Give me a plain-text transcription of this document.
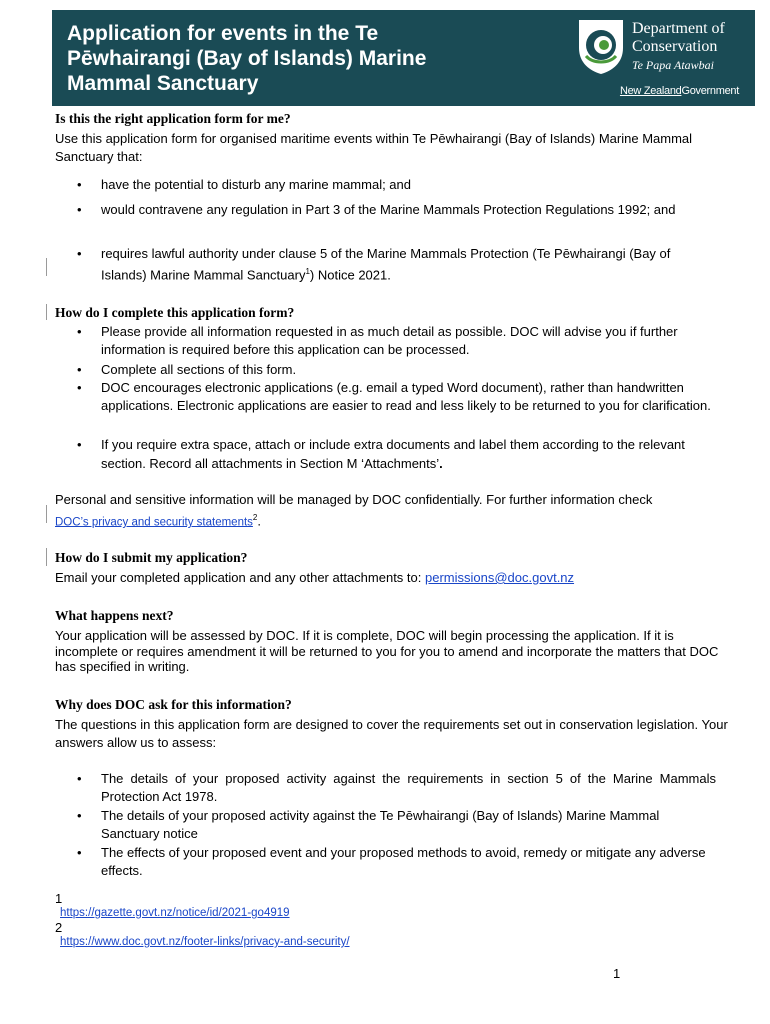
Application for events in the Te Pēwhairangi (Bay of Islands) Marine Mammal Sanctuary
Department of
Conservation
Te Papa Atawbai
New ZealandGovernment
Is this the right application form for me?
Use this application form for organised maritime events within Te Pēwhairangi (Bay of Islands) Marine Mammal Sanctuary that:
• have the potential to disturb any marine mammal; and
• would contravene any regulation in Part 3 of the Marine Mammals Protection Regulations 1992; and
• requires lawful authority under clause 5 of the Marine Mammals Protection (Te Pēwhairangi (Bay of Islands) Marine Mammal Sanctuary$^1$) Notice 2021.
How do I complete this application form?
• Please provide all information requested in as much detail as possible. DOC will advise you if further information is required before this application can be processed.
• Complete all sections of this form.
• DOC encourages electronic applications (e.g. email a typed Word document), rather than handwritten applications. Electronic applications are easier to read and less likely to be returned to you for clarification.
• If you require extra space, attach or include extra documents and label them according to the relevant section. Record all attachments in Section M ‘Attachments’.
Personal and sensitive information will be managed by DOC confidentially. For further information check
DOC’s privacy and security statements$^2$.
How do I submit my application?
Email your completed application and any other attachments to: permissions@doc.govt.nz
What happens next?
Your application will be assessed by DOC. If it is complete, DOC will begin processing the application. If it is incomplete or requires amendment it will be returned to you for you to amend and incorporate the matters that DOC has specified in writing.
Why does DOC ask for this information?
The questions in this application form are designed to cover the requirements set out in conservation legislation. Your answers allow us to assess:
• The details of your proposed activity against the requirements in section 5 of the Marine Mammals Protection Act 1978.
• The details of your proposed activity against the Te Pēwhairangi (Bay of Islands) Marine Mammal Sanctuary notice
• The effects of your proposed event and your proposed methods to avoid, remedy or mitigate any adverse effects.
1
https://gazette.govt.nz/notice/id/2021-go4919
2
https://www.doc.govt.nz/footer-links/privacy-and-security/
1
